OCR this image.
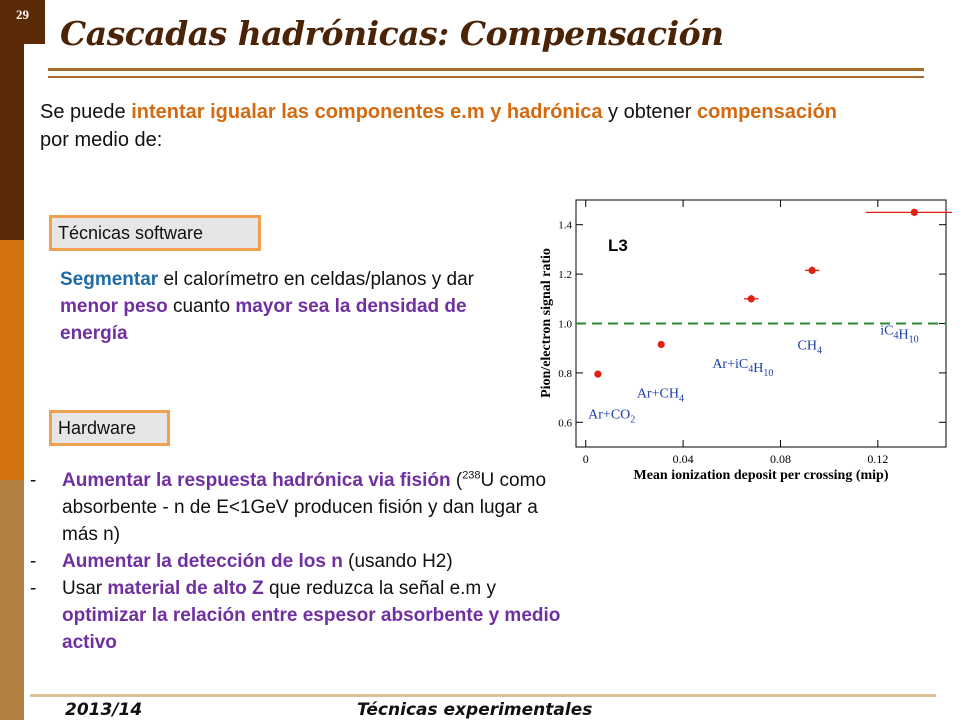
29 Cascadas hadrónicas: Compensación
Se puede intentar igualar las componentes e.m y hadrónica y obtener compensación por medio de:
Técnicas software
Segmentar el calorímetro en celdas/planos y dar menor peso cuanto mayor sea la densidad de energía
Hardware
- Aumentar la respuesta hadrónica via fisión ($^{238}$U como absorbente - n de E<1GeV producen fisión y dan lugar a más n)
- Aumentar la detección de los n (usando H2)
- Usar material de alto Z que reduzca la señal e.m y optimizar la relación entre espesor absorbente y medio activo
L3
Mean ionization deposit per crossing (mip)
Pion/electron signal ratio
0.6
0.8
1.0
1.2
1.4
0	0.04	0.08	0.12
$Ar+CO_2$
$Ar+CH_4$
$Ar+iC_4H_{10}$
$CH_4$
$iC_4H_{10}$
2013/14	Técnicas experimentales
